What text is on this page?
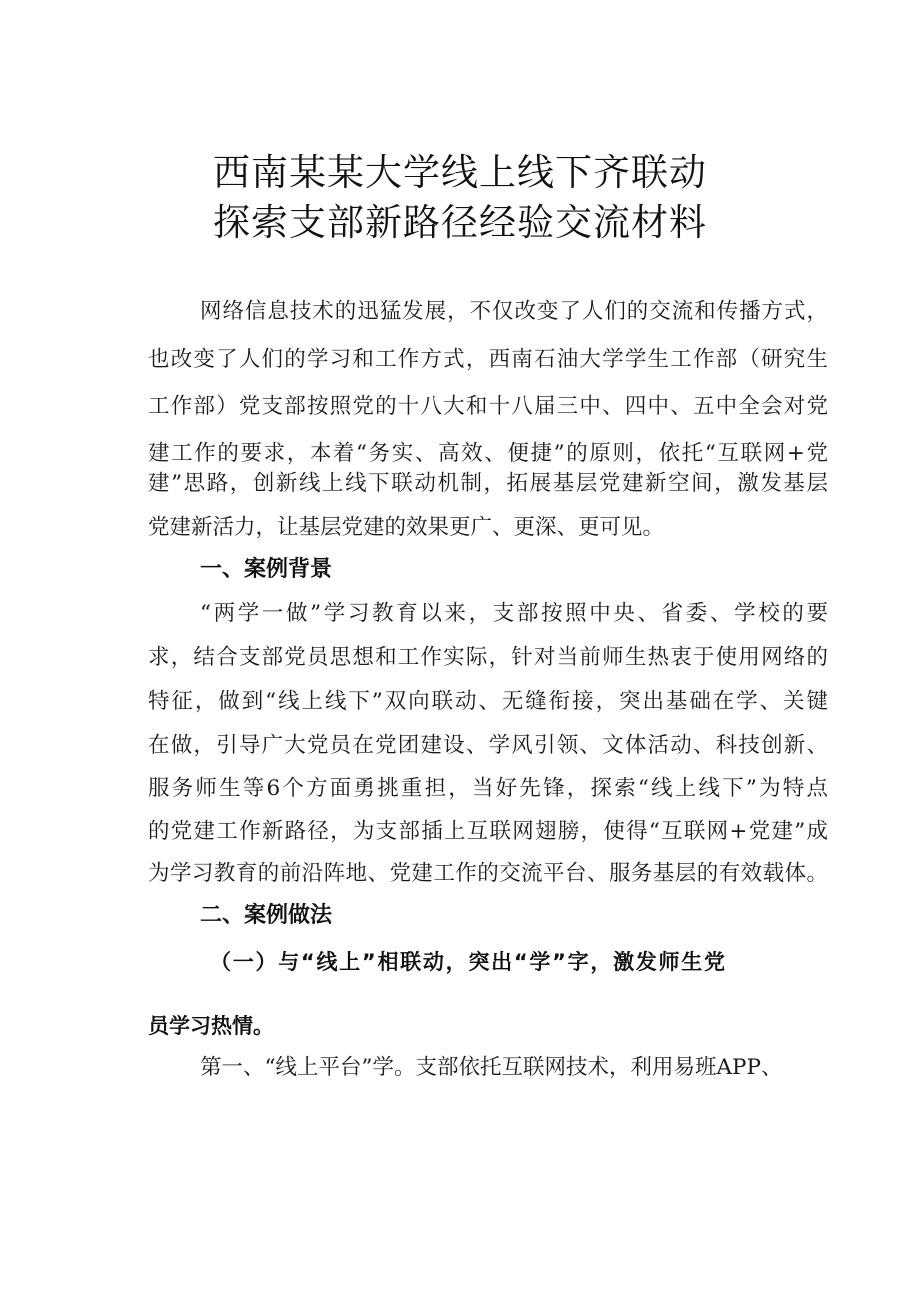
西南某某大学线上线下齐联动
探索支部新路径经验交流材料
网络信息技术的迅猛发展，不仅改变了人们的交流和传播方式，
也改变了人们的学习和工作方式，西南石油大学学生工作部（研究生
工作部）党支部按照党的十八大和十八届三中、四中、五中全会对党
建工作的要求，本着“务实、高效、便捷”的原则，依托“互联网+党
建”思路，创新线上线下联动机制，拓展基层党建新空间，激发基层
党建新活力，让基层党建的效果更广、更深、更可见。
一、案例背景
“两学一做”学习教育以来，支部按照中央、省委、学校的要
求，结合支部党员思想和工作实际，针对当前师生热衷于使用网络的
特征，做到“线上线下”双向联动、无缝衔接，突出基础在学、关键
在做，引导广大党员在党团建设、学风引领、文体活动、科技创新、
服务师生等6个方面勇挑重担，当好先锋，探索“线上线下”为特点
的党建工作新路径，为支部插上互联网翅膀，使得“互联网+党建”成
为学习教育的前沿阵地、党建工作的交流平台、服务基层的有效载体。
二、案例做法
（一）与“线上”相联动，突出“学”字，激发师生党
员学习热情。
第一、“线上平台”学。支部依托互联网技术，利用易班APP、
